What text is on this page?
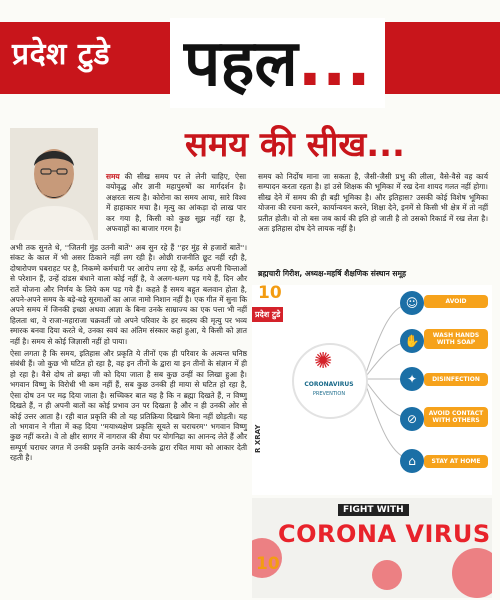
प्रदेश टुडे पहल...
समय की सीख...

समय की सीख समय पर ले लेनी चाहिए, ऐसा वयोवृद्ध और ज्ञानी महापुरुषों का मार्गदर्शन है। अक्षरतः सत्य है। कोरोना का समय आया, सारे विश्व में हाहाकार मचा है। मृत्यु का आंकड़ा दो लाख पार कर गया है, किसी को कुछ सूझ नहीं रहा है, अफवाहों का बाजार गरम है।

अभी तक सुनते थे, ''जितनी मुंह उतनी बातें'' अब सुन रहे हैं ''हर मुंह से हजारों बातें''। संकट के काल में भी असर ठिकाने नहीं लग रही है। ओछी राजनीति छूट नहीं रही है, दोषारोपण घबराहट पर है, निकम्मे कर्मचारी पर आरोप लगा रहे हैं, कर्मठ अपनी चिन्ताओं से परेशान हैं, उन्हें दांडस बंधाने वाला कोई नहीं है, वे अलग-थलग पड़ गये हैं, दिन और रातें योजना और निर्णय के लिये कम पड़ गये हैं। कहते हैं समय बहुत बलवान होता है, अपने-अपने समय के बड़े-बड़े सूरमाओं का आज नामो निशान नहीं है। एक गीत में सुना कि अपने समय में जिनकी इच्छा अथवा आज्ञा के बिना उनके साम्राज्य का एक पत्ता भी नहीं हिलता था, वे राजा-महाराजा चक्रवर्ती जो अपने परिवार के हर सदस्य की मृत्यु पर भव्य स्मारक बनवा दिया करते थे, उनका स्वयं का अंतिम संस्कार कहां हुआ, ये किसी को ज्ञात नहीं है। समय से कोई जिज्ञासी नहीं हो पाया।

ऐसा लगता है कि समय, इतिहास और प्रकृति ये तीनों एक ही परिवार के अत्यन्त घनिष्ठ संबंधी हैं। जो कुछ भी घटित हो रहा है, वह इन तीनों के द्वारा या इन तीनों के संज्ञान में ही हो रहा है। वैसे दोष तो ब्रम्हा जी को दिया जाता है सब कुछ उन्हीं का लिखा हुआ है। भगवान विष्णु के विरोधी भी कम नहीं हैं, सब कुछ उनकी ही माया से घटित हो रहा है, ऐसा दोष उन पर मढ़ दिया जाता है। सच्चिकर बात यह है कि न ब्रह्मा दिखते हैं, न विष्णु दिखते हैं, न ही अपनी बातों का कोई प्रभाव उन पर दिखता है और न ही उनकी ओर से कोई उत्तर आता है। रही बात प्रकृति की तो यह प्रतिक्रिया दिखाये बिना नहीं छोड़ती। यह तो भगवान ने गीता में कह दिया ''मयाध्यक्षेण प्रकृतिः सूयते स चराचरम'' भगवान विष्णु कुछ नहीं करते। वे तो क्षीर सागर में नागराज की शैया पर योगनिद्रा का आनन्द लेते हैं और सम्पूर्ण चराचर जगत में उनकी प्रकृति उनके कार्य-उनके द्वारा रचित माया को आकार देती रहती है।

समय को निर्दोष माना जा सकता है, जैसी-जैसी प्रभु की लीला, वैसे-वैसे वह कार्य सम्पादन करता रहता है। हां उसे शिक्षक की भूमिका में रख देना शायद गलत नहीं होगा। सीख देने में समय की ही बड़ी भूमिका है। और इतिहास? उसकी कोई विशेष भूमिका योजना की रचना करने, कार्यान्वयन करने, शिक्षा देने, इनमें से किसी भी क्षेत्र में तो नहीं प्रतीत होती। वो तो बस जब कार्य की इति हो जाती है तो उसको रिकार्ड में रख लेता है। अतः इतिहास दोष देने लायक नहीं है।

ब्रह्मचारी गिरीश, अध्यक्ष-महर्षि शैक्षणिक संस्थान समूह
10
प्रदेश टुडे
✺
CORONAVIRUS
PREVENTION
☺	AVOID
✋	WASH HANDS WITH SOAP
✦	DISINFECTION
⊘	AVOID CONTACT WITH OTHERS
⌂	STAY AT HOME
R XRAY
FIGHT WITH
CORONA VIRUS
10
